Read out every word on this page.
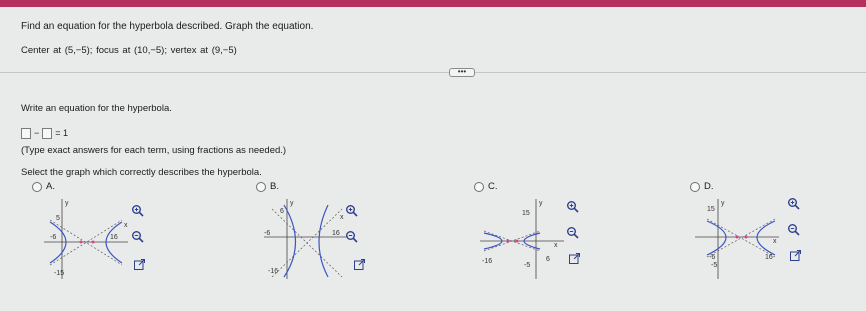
Find an equation for the hyperbola described. Graph the equation.
Center at (5,−5); focus at (10,−5); vertex at (9,−5)
•••
Write an equation for the hyperbola.
− = 1
(Type exact answers for each term, using fractions as needed.)
Select the graph which correctly describes the hyperbola.
A.
5
-6	16
-15
x
y
B.
6
-6	16
-16
x
y
C.
15
-16	6
-5
x
y
D.
15
-6	16
-5
x
y
